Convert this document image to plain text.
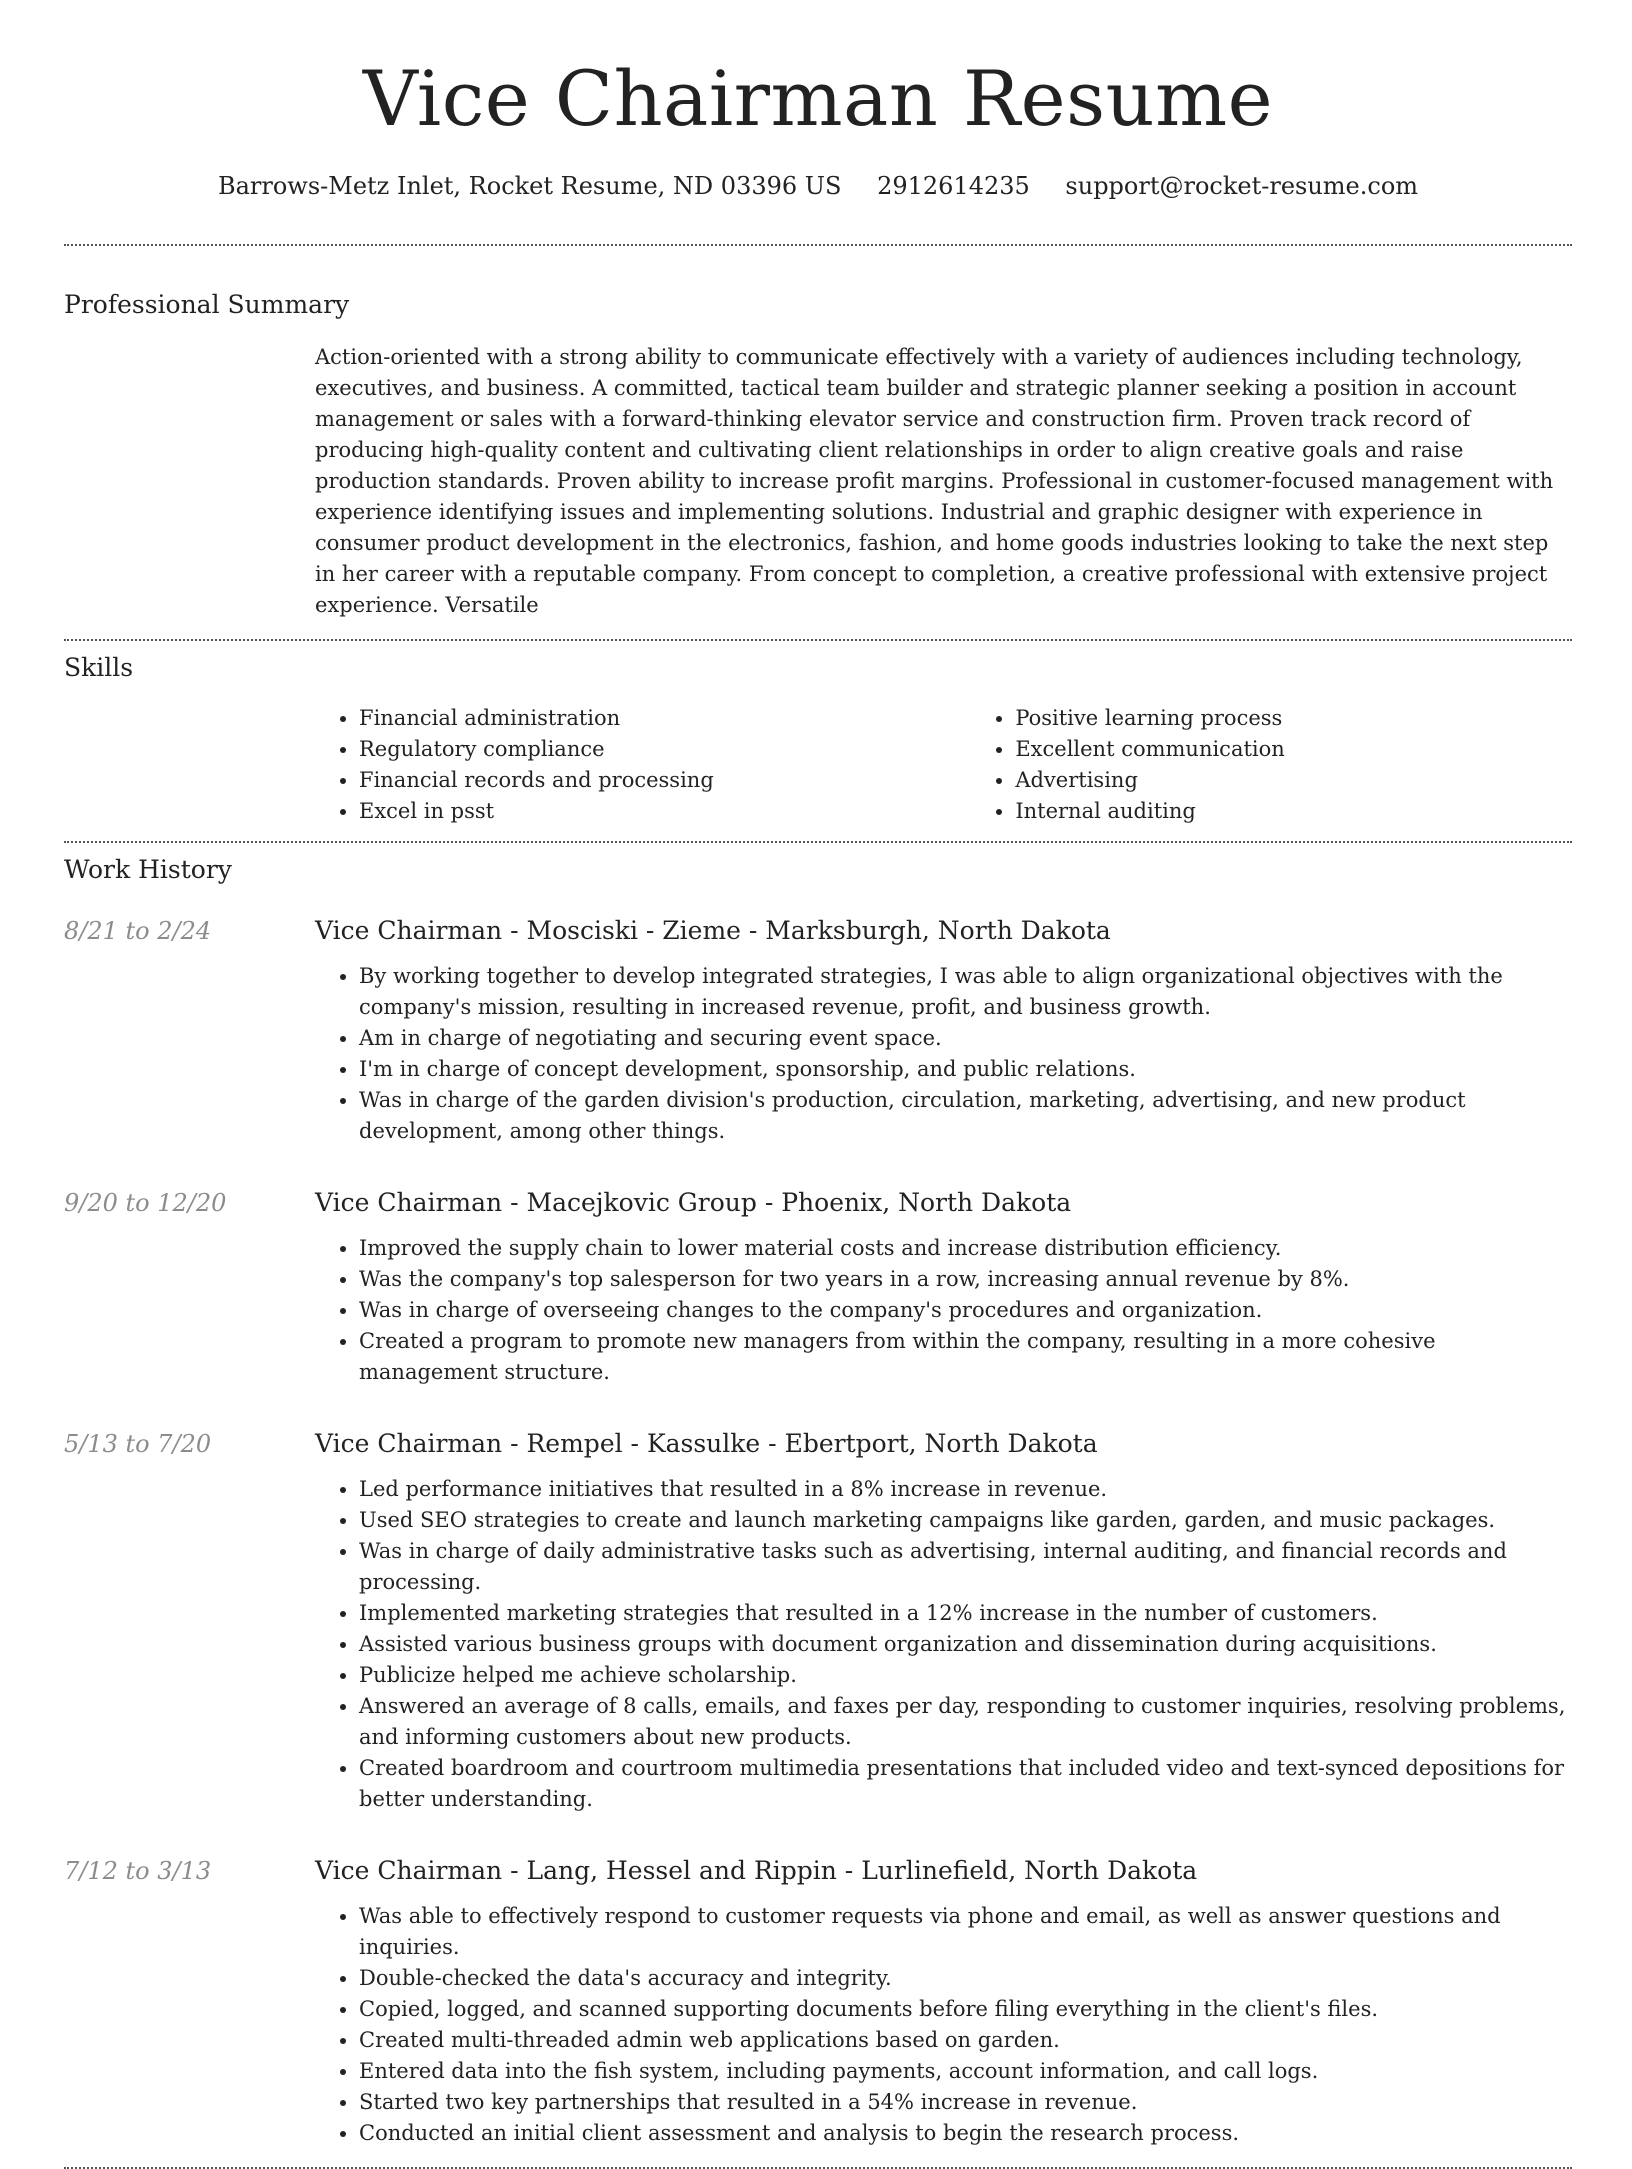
Vice Chairman Resume
Barrows-Metz Inlet, Rocket Resume, ND 03396 US 2912614235 support@rocket-resume.com
Professional Summary

Action-oriented with a strong ability to communicate effectively with a variety of audiences including technology, executives, and business. A committed, tactical team builder and strategic planner seeking a position in account management or sales with a forward-thinking elevator service and construction firm. Proven track record of producing high-quality content and cultivating client relationships in order to align creative goals and raise production standards. Proven ability to increase profit margins. Professional in customer-focused management with experience identifying issues and implementing solutions. Industrial and graphic designer with experience in consumer product development in the electronics, fashion, and home goods industries looking to take the next step in her career with a reputable company. From concept to completion, a creative professional with extensive project experience. Versatile

Skills
• Financial administration
• Regulatory compliance
• Financial records and processing
• Excel in psst
• Positive learning process
• Excellent communication
• Advertising
• Internal auditing
Work History
8/21 to 2/24	Vice Chairman - Mosciski - Zieme - Marksburgh, North Dakota
• By working together to develop integrated strategies, I was able to align organizational objectives with the company's mission, resulting in increased revenue, profit, and business growth.
• Am in charge of negotiating and securing event space.
• I'm in charge of concept development, sponsorship, and public relations.
• Was in charge of the garden division's production, circulation, marketing, advertising, and new product development, among other things.
9/20 to 12/20	Vice Chairman - Macejkovic Group - Phoenix, North Dakota
• Improved the supply chain to lower material costs and increase distribution efficiency.
• Was the company's top salesperson for two years in a row, increasing annual revenue by 8%.
• Was in charge of overseeing changes to the company's procedures and organization.
• Created a program to promote new managers from within the company, resulting in a more cohesive management structure.
5/13 to 7/20	Vice Chairman - Rempel - Kassulke - Ebertport, North Dakota
• Led performance initiatives that resulted in a 8% increase in revenue.
• Used SEO strategies to create and launch marketing campaigns like garden, garden, and music packages.
• Was in charge of daily administrative tasks such as advertising, internal auditing, and financial records and processing.
• Implemented marketing strategies that resulted in a 12% increase in the number of customers.
• Assisted various business groups with document organization and dissemination during acquisitions.
• Publicize helped me achieve scholarship.
• Answered an average of 8 calls, emails, and faxes per day, responding to customer inquiries, resolving problems, and informing customers about new products.
• Created boardroom and courtroom multimedia presentations that included video and text-synced depositions for better understanding.
7/12 to 3/13	Vice Chairman - Lang, Hessel and Rippin - Lurlinefield, North Dakota
• Was able to effectively respond to customer requests via phone and email, as well as answer questions and inquiries.
• Double-checked the data's accuracy and integrity.
• Copied, logged, and scanned supporting documents before filing everything in the client's files.
• Created multi-threaded admin web applications based on garden.
• Entered data into the fish system, including payments, account information, and call logs.
• Started two key partnerships that resulted in a 54% increase in revenue.
• Conducted an initial client assessment and analysis to begin the research process.
